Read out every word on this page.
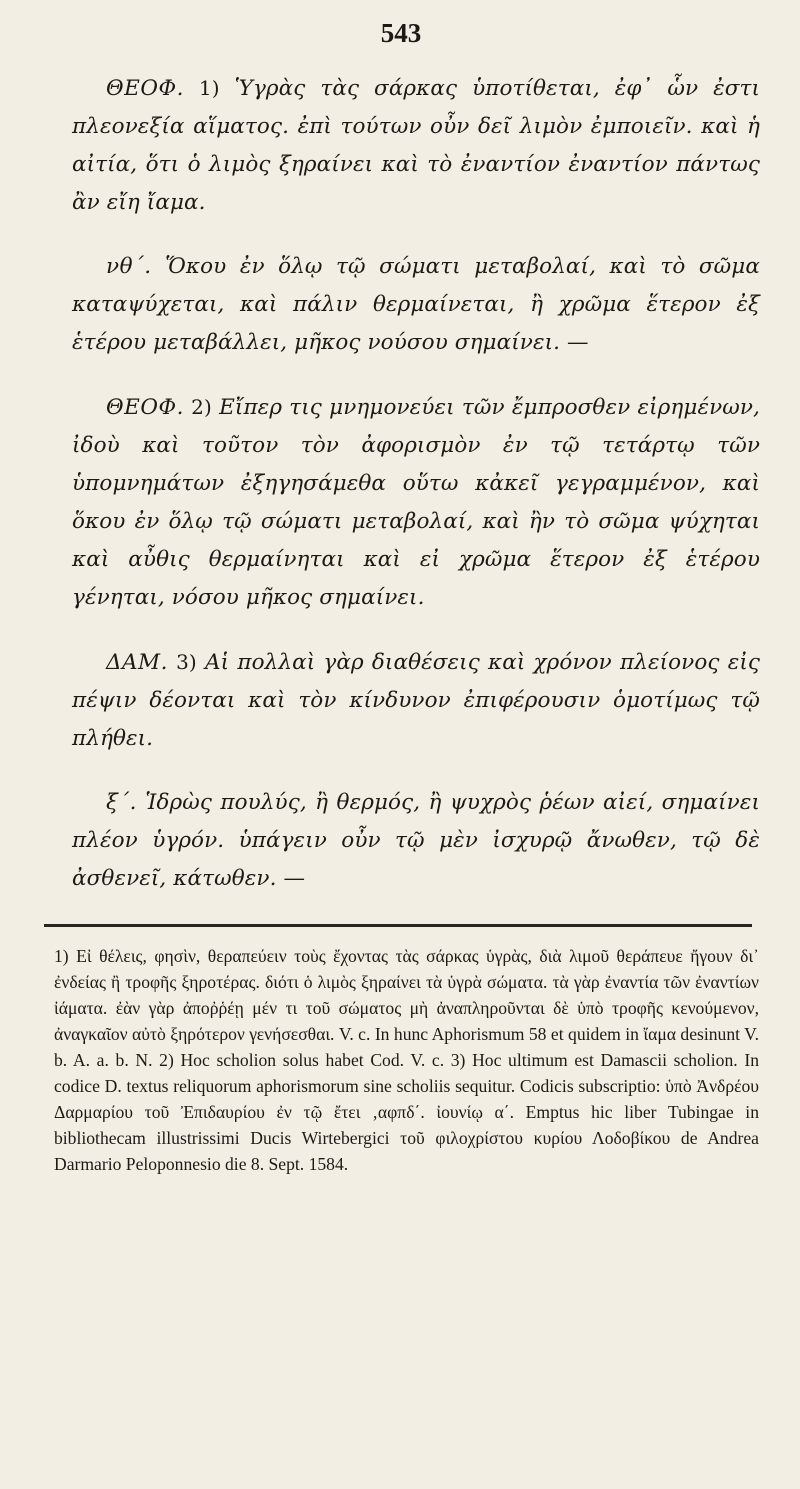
543

ΘΕΟΦ. 1) Ὑγρὰς τὰς σάρκας ὑποτίθεται, ἐφ᾽ ὧν ἐστι πλεονεξία αἵματος. ἐπὶ τούτων οὖν δεῖ λιμὸν ἐμποιεῖν. καὶ ἡ αἰτία, ὅτι ὁ λιμὸς ξηραίνει καὶ τὸ ἐναντίον ἐναντίον πάντως ἂν εἴη ἴαμα.

νθ΄. Ὅκου ἐν ὅλῳ τῷ σώματι μεταβολαί, καὶ τὸ σῶμα καταψύχεται, καὶ πάλιν θερμαίνεται, ἢ χρῶμα ἕτερον ἐξ ἑτέρου μεταβάλλει, μῆκος νούσου σημαίνει. —

ΘΕΟΦ. 2) Εἴπερ τις μνημονεύει τῶν ἔμπροσθεν εἰρημένων, ἰδοὺ καὶ τοῦτον τὸν ἀφορισμὸν ἐν τῷ τετάρτῳ τῶν ὑπομνημάτων ἐξηγησάμεθα οὕτω κἀκεῖ γεγραμμένον, καὶ ὅκου ἐν ὅλῳ τῷ σώματι μεταβολαί, καὶ ἢν τὸ σῶμα ψύχηται καὶ αὖθις θερμαίνηται καὶ εἰ χρῶμα ἕτερον ἐξ ἑτέρου γένηται, νόσου μῆκος σημαίνει.

ΔΑΜ. 3) Αἱ πολλαὶ γὰρ διαθέσεις καὶ χρόνον πλείονος εἰς πέψιν δέονται καὶ τὸν κίνδυνον ἐπιφέρουσιν ὁμοτίμως τῷ πλήθει.

ξ΄. Ἱδρὼς πουλύς, ἢ θερμός, ἢ ψυχρὸς ῥέων αἰεί, σημαίνει πλέον ὑγρόν. ὑπάγειν οὖν τῷ μὲν ἰσχυρῷ ἄνωθεν, τῷ δὲ ἀσθενεῖ, κάτωθεν. —

1) Εἰ θέλεις, φησὶν, θεραπεύειν τοὺς ἔχοντας τὰς σάρκας ὑγρὰς, διὰ λιμοῦ θεράπευε ἤγουν δι᾽ ἐνδείας ἢ τροφῆς ξηροτέρας. διότι ὁ λιμὸς ξηραίνει τὰ ὑγρὰ σώματα. τὰ γὰρ ἐναντία τῶν ἐναντίων ἰάματα. ἐὰν γὰρ ἀποῤῥέῃ μέν τι τοῦ σώματος μὴ ἀναπληροῦνται δὲ ὑπὸ τροφῆς κενούμενον, ἀναγκαῖον αὐτὸ ξηρότερον γενήσεσθαι. V. c. In hunc Aphorismum 58 et quidem in ἴαμα desinunt V. b. A. a. b. N. 2) Hoc scholion solus habet Cod. V. c. 3) Hoc ultimum est Damascii scholion. In codice D. textus reliquorum aphorismorum sine scholiis sequitur. Codicis subscriptio: ὑπὸ Ἀνδρέου Δαρμαρίου τοῦ Ἐπιδαυρίου ἐν τῷ ἔτει ‚αφπδ΄. ἰουνίῳ α΄. Emptus hic liber Tubingae in bibliothecam illustrissimi Ducis Wirtebergici τοῦ φιλοχρίστου κυρίου Λοδοβίκου de Andrea Darmario Peloponnesio die 8. Sept. 1584.
